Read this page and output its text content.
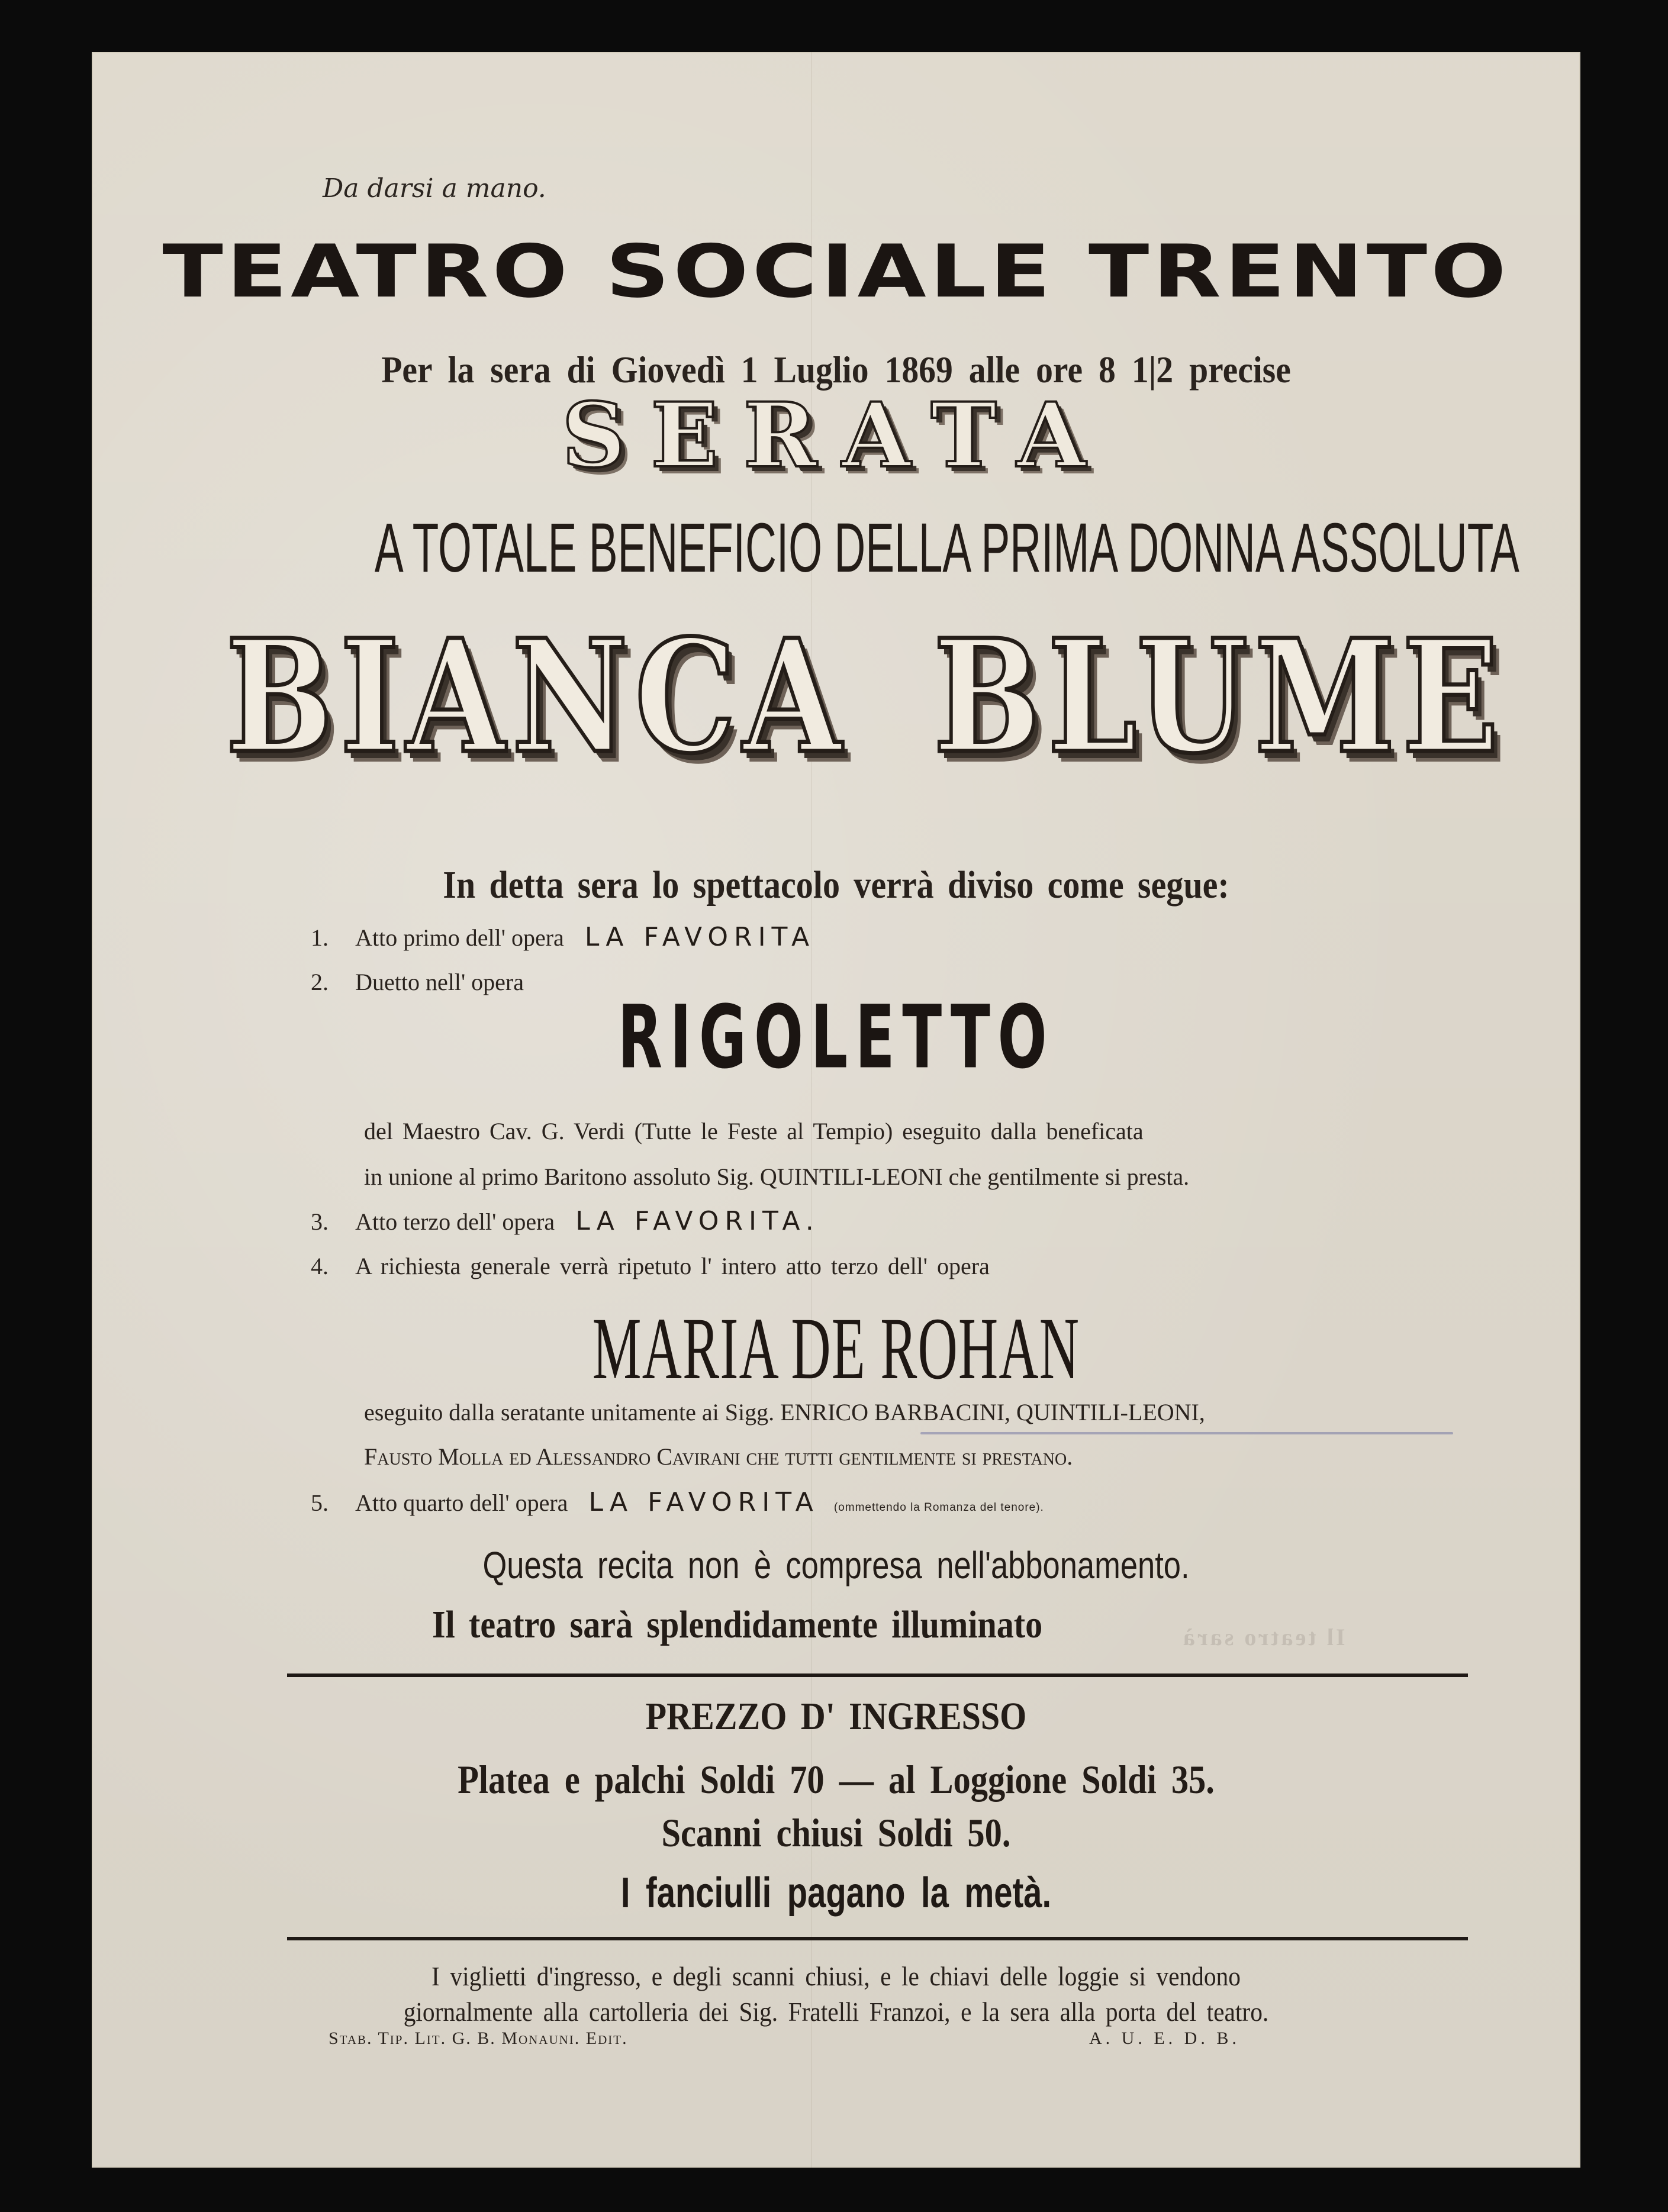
Da darsi a mano.
TEATRO SOCIALE TRENTO
Per la sera di Giovedì 1 Luglio 1869 alle ore 8 1|2 precise
SERATA
A TOTALE BENEFICIO DELLA PRIMA DONNA ASSOLUTA
BIANCA BLUME
In detta sera lo spettacolo verrà diviso come segue:
1. Atto primo dell' opera LA FAVORITA
2. Duetto nell' opera
RIGOLETTO
del Maestro Cav. G. Verdi (Tutte le Feste al Tempio) eseguito dalla beneficata
in unione al primo Baritono assoluto Sig. QUINTILI-LEONI che gentilmente si presta.
3. Atto terzo dell' opera LA FAVORITA.
4. A richiesta generale verrà ripetuto l' intero atto terzo dell' opera
MARIA DE ROHAN
eseguito dalla seratante unitamente ai Sigg. ENRICO BARBACINI, QUINTILI-LEONI,
Fausto Molla ed Alessandro Cavirani che tutti gentilmente si prestano.
5. Atto quarto dell' opera LA FAVORITA (ommettendo la Romanza del tenore).
Questa recita non è compresa nell'abbonamento.
Il teatro sarà splendidamente illuminato	Il teatro sarà
PREZZO D' INGRESSO
Platea e palchi Soldi 70 — al Loggione Soldi 35.
Scanni chiusi Soldi 50.
I fanciulli pagano la metà.
I viglietti d'ingresso, e degli scanni chiusi, e le chiavi delle loggie si vendono
giornalmente alla cartolleria dei Sig. Fratelli Franzoi, e la sera alla porta del teatro.
Stab. Tip. Lit. G. B. Monauni. Edit.	A. U. E. D. B.
